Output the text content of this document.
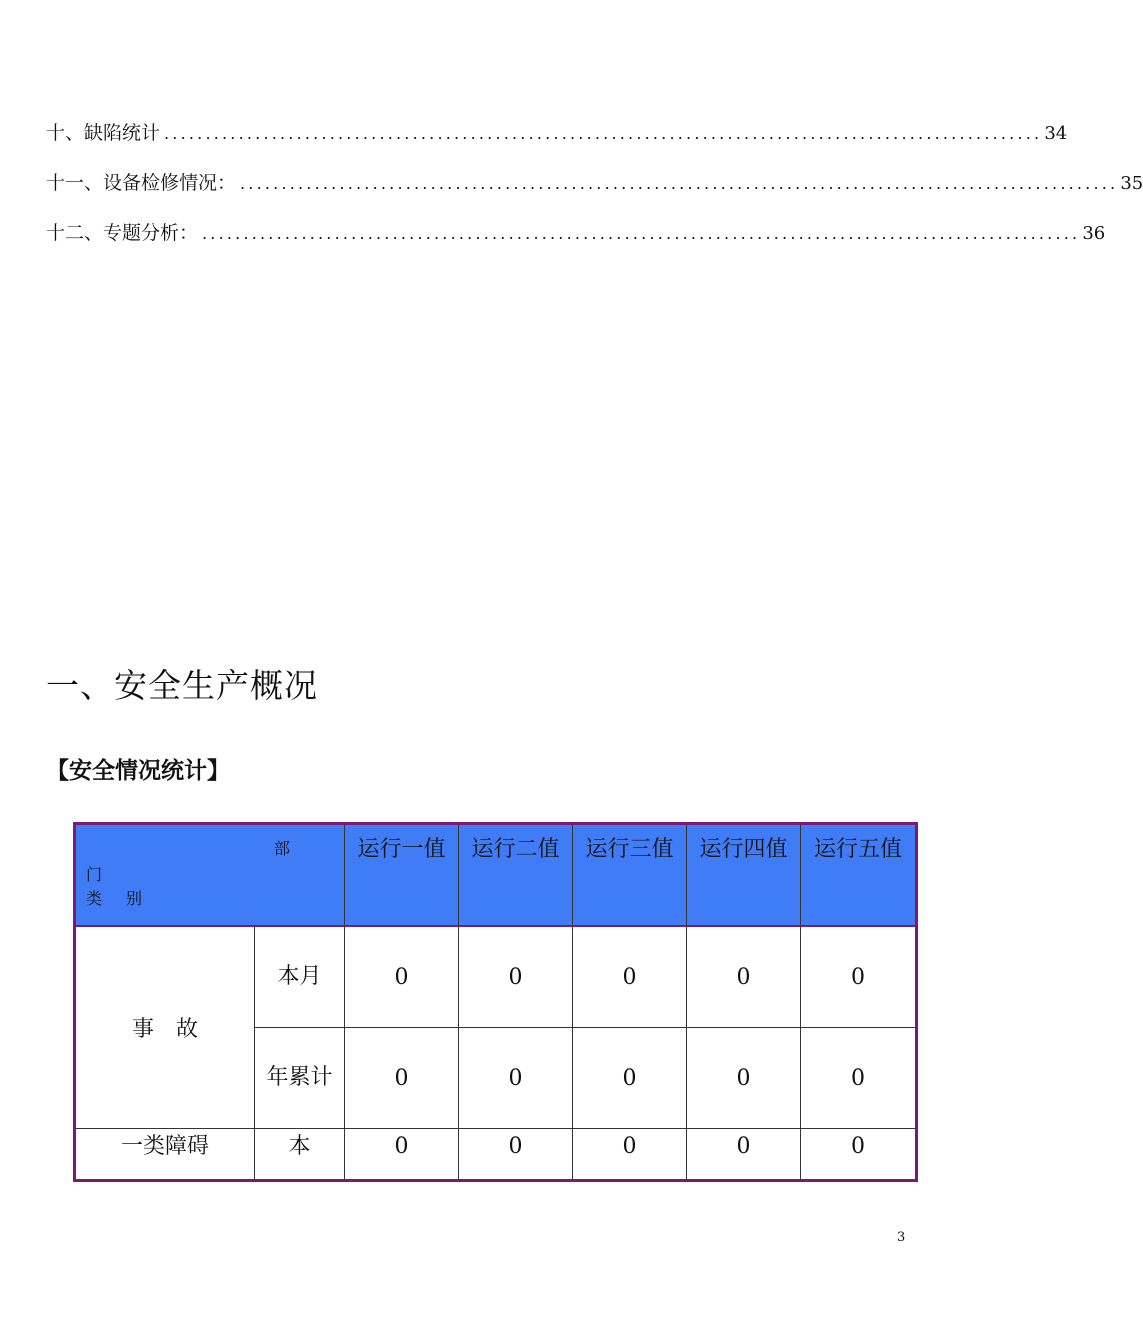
十、缺陷统计 .......................................................................................................... 34
十一、设备检修情况： .......................................................................................................... 35
十二、专题分析： .......................................................................................................... 36
一、安全生产概况
【安全情况统计】
部
门
类别		运行一值	运行二值	运行三值	运行四值	运行五值
事　故	本月	0	0	0	0	0
	年累计	0	0	0	0	0
一类障碍	本	0	0	0	0	0
3
